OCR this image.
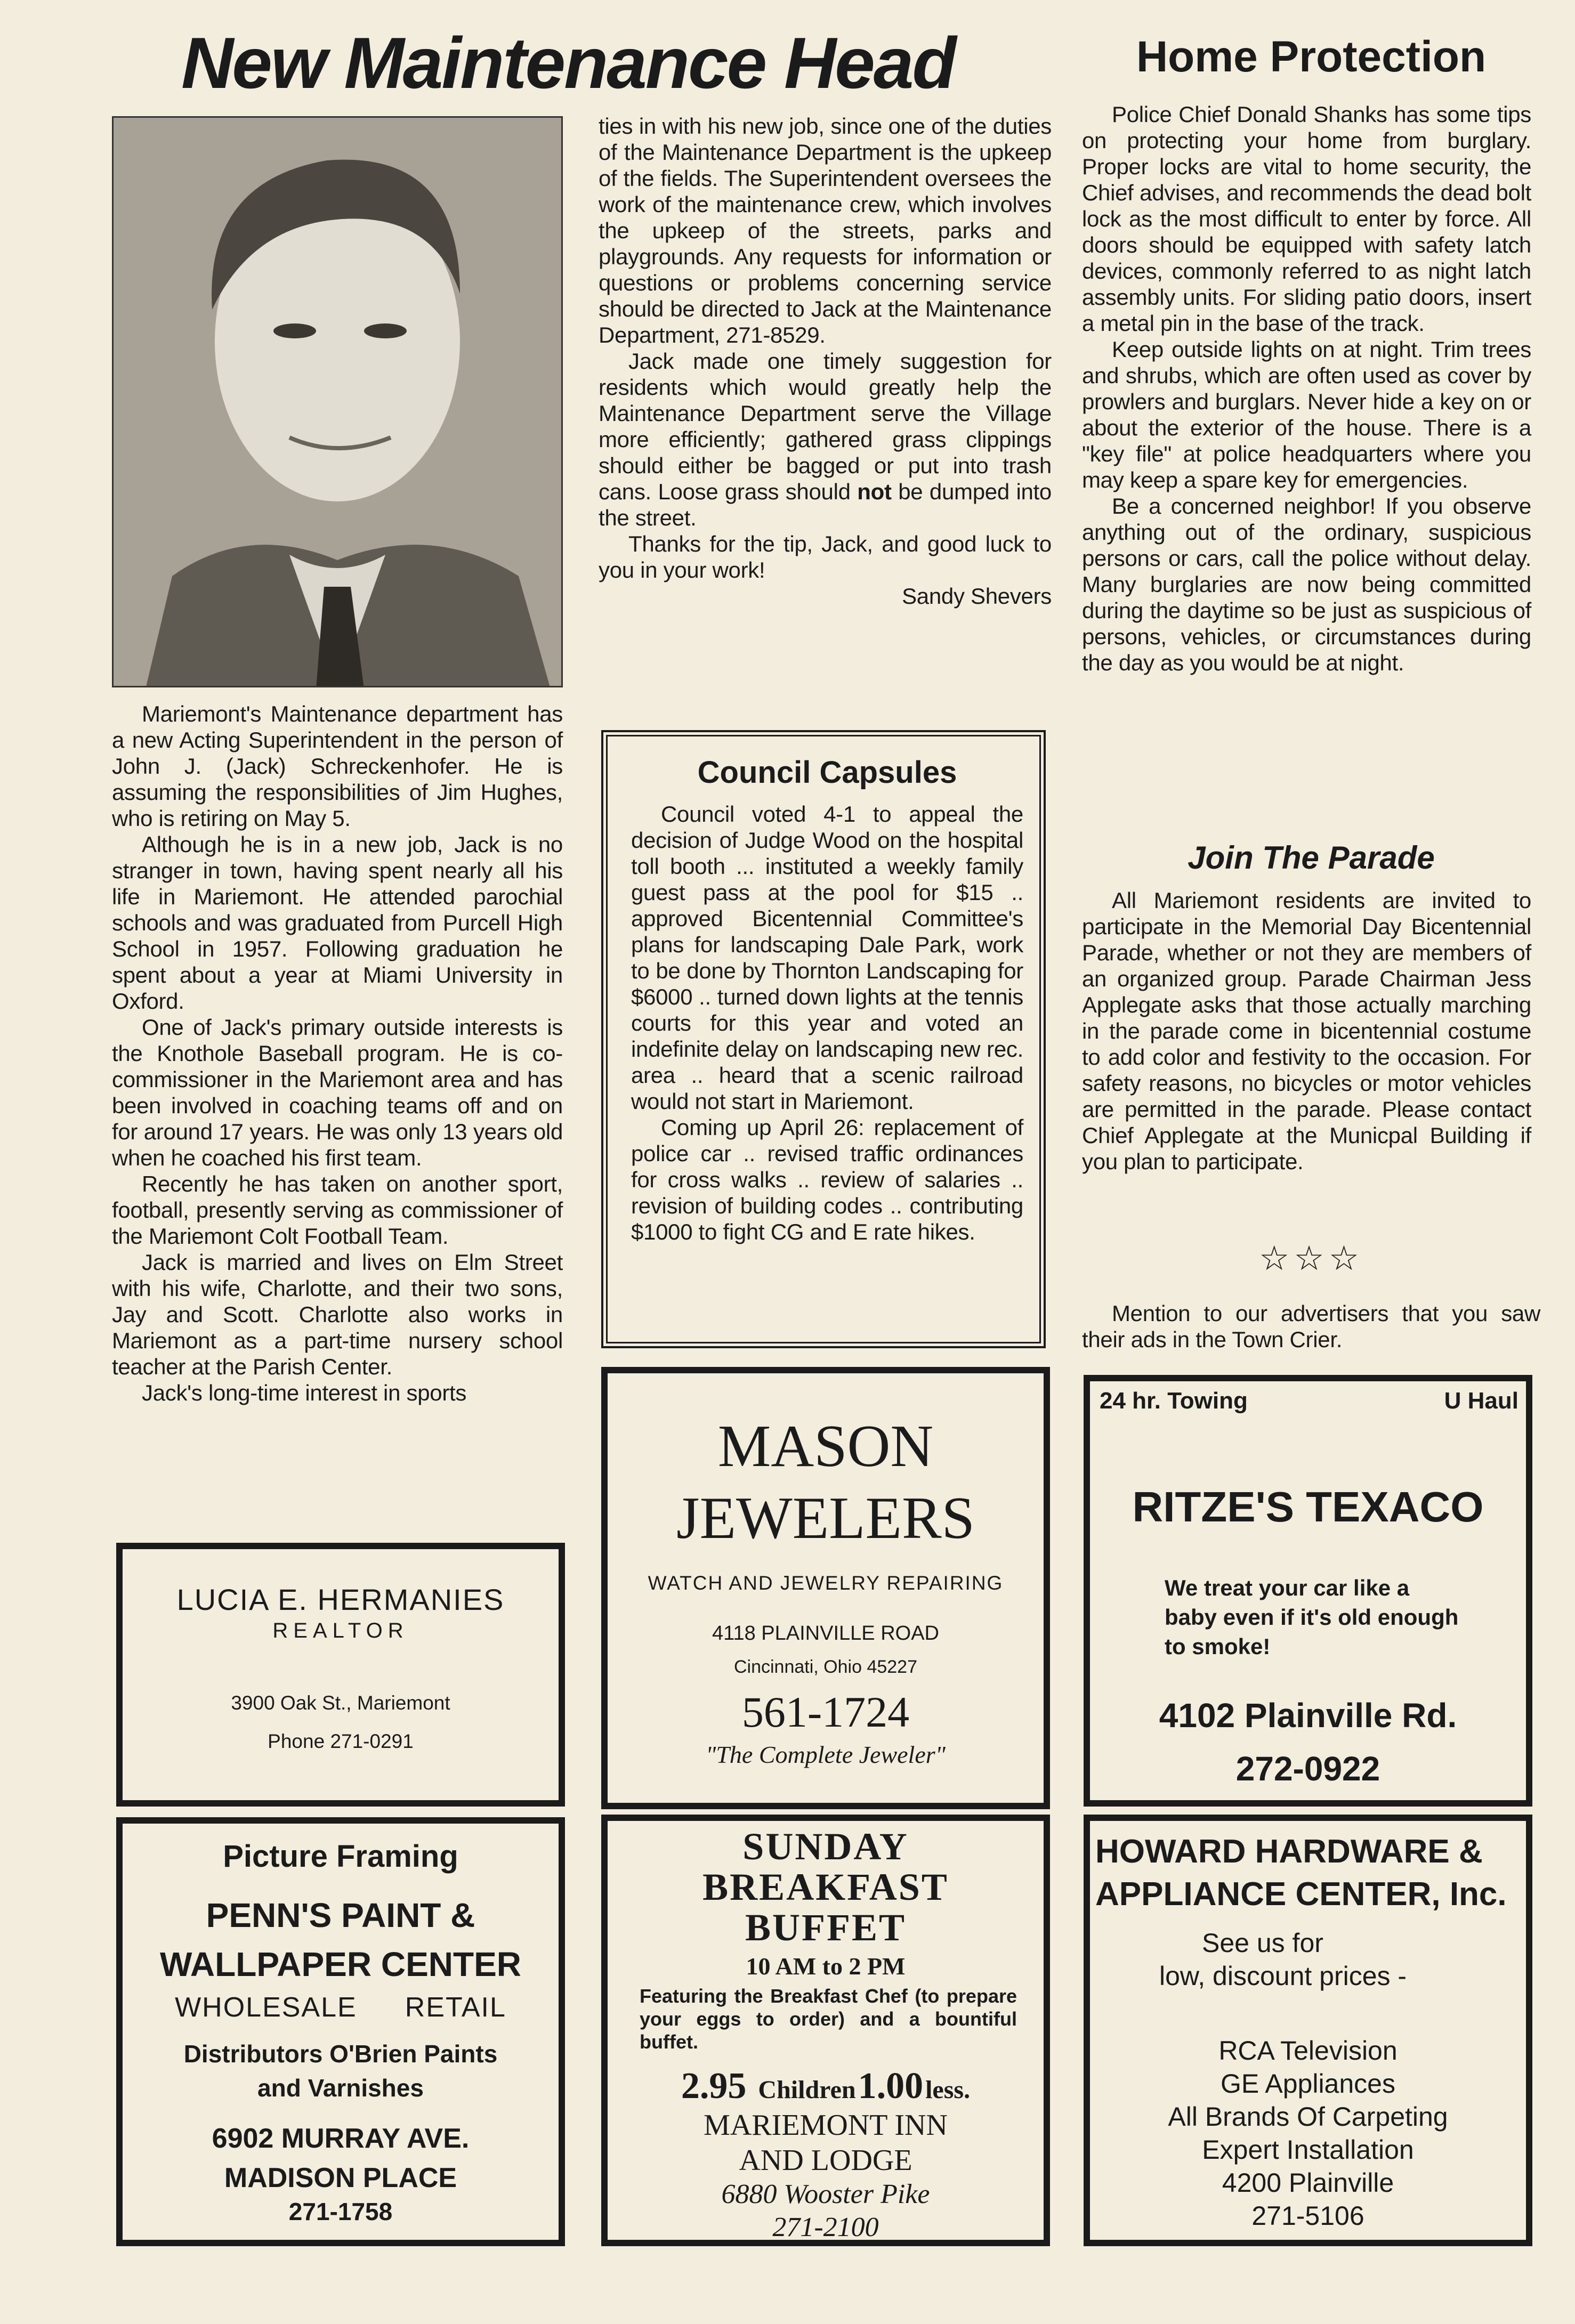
New Maintenance Head

Mariemont's Maintenance department has a new Acting Superintendent in the person of John J. (Jack) Schreckenhofer. He is assuming the responsibilities of Jim Hughes, who is retiring on May 5.

Although he is in a new job, Jack is no stranger in town, having spent nearly all his life in Mariemont. He attended parochial schools and was graduated from Purcell High School in 1957. Following graduation he spent about a year at Miami University in Oxford.

One of Jack's primary outside interests is the Knothole Baseball program. He is co-commissioner in the Mariemont area and has been involved in coaching teams off and on for around 17 years. He was only 13 years old when he coached his first team.

Recently he has taken on another sport, football, presently serving as commissioner of the Mariemont Colt Football Team.

Jack is married and lives on Elm Street with his wife, Charlotte, and their two sons, Jay and Scott. Charlotte also works in Mariemont as a part-time nursery school teacher at the Parish Center.

Jack's long-time interest in sports

ties in with his new job, since one of the duties of the Maintenance Department is the upkeep of the fields. The Superintendent oversees the work of the maintenance crew, which involves the upkeep of the streets, parks and playgrounds. Any requests for information or questions or problems concerning service should be directed to Jack at the Maintenance Department, 271-8529.

Jack made one timely suggestion for residents which would greatly help the Maintenance Department serve the Village more efficiently; gathered grass clippings should either be bagged or put into trash cans. Loose grass should not be dumped into the street.

Thanks for the tip, Jack, and good luck to you in your work!

Sandy Shevers
Council Capsules

Council voted 4-1 to appeal the decision of Judge Wood on the hospital toll booth ... instituted a weekly family guest pass at the pool for $15 .. approved Bicentennial Committee's plans for landscaping Dale Park, work to be done by Thornton Landscaping for $6000 .. turned down lights at the tennis courts for this year and voted an indefinite delay on landscaping new rec. area .. heard that a scenic railroad would not start in Mariemont.

Coming up April 26: replacement of police car .. revised traffic ordinances for cross walks .. review of salaries .. revision of building codes .. contributing $1000 to fight CG and E rate hikes.

Home Protection

Police Chief Donald Shanks has some tips on protecting your home from burglary. Proper locks are vital to home security, the Chief advises, and recommends the dead bolt lock as the most difficult to enter by force. All doors should be equipped with safety latch devices, commonly referred to as night latch assembly units. For sliding patio doors, insert a metal pin in the base of the track.

Keep outside lights on at night. Trim trees and shrubs, which are often used as cover by prowlers and burglars. Never hide a key on or about the exterior of the house. There is a "key file" at police headquarters where you may keep a spare key for emergencies.

Be a concerned neighbor! If you observe anything out of the ordinary, suspicious persons or cars, call the police without delay. Many burglaries are now being committed during the daytime so be just as suspicious of persons, vehicles, or circumstances during the day as you would be at night.

Join The Parade

All Mariemont residents are invited to participate in the Memorial Day Bicentennial Parade, whether or not they are members of an organized group. Parade Chairman Jess Applegate asks that those actually marching in the parade come in bicentennial costume to add color and festivity to the occasion. For safety reasons, no bicycles or motor vehicles are permitted in the parade. Please contact Chief Applegate at the Municpal Building if you plan to participate.

☆☆☆

Mention to our advertisers that you saw their ads in the Town Crier.

LUCIA E. HERMANIES
REALTOR
3900 Oak St., Mariemont
Phone 271-0291
MASON
JEWELERS
WATCH AND JEWELRY REPAIRING
4118 PLAINVILLE ROAD
Cincinnati, Ohio 45227
561-1724
"The Complete Jeweler"
24 hr. Towing	U Haul
RITZE'S TEXACO
We treat your car like a baby even if it's old enough to smoke!
4102 Plainville Rd.
272-0922
Picture Framing
PENN'S PAINT &
WALLPAPER CENTER
WHOLESALE RETAIL
Distributors O'Brien Paints
and Varnishes
6902 MURRAY AVE.
MADISON PLACE
271-1758
SUNDAY
BREAKFAST
BUFFET
10 AM to 2 PM
Featuring the Breakfast Chef (to prepare your eggs to order) and a bountiful buffet.
2.95 Children 1.00 less.
MARIEMONT INN
AND LODGE
6880 Wooster Pike
271-2100
HOWARD HARDWARE &
APPLIANCE CENTER, Inc.
See us for
low, discount prices -
RCA Television
GE Appliances
All Brands Of Carpeting
Expert Installation
4200 Plainville
271-5106
